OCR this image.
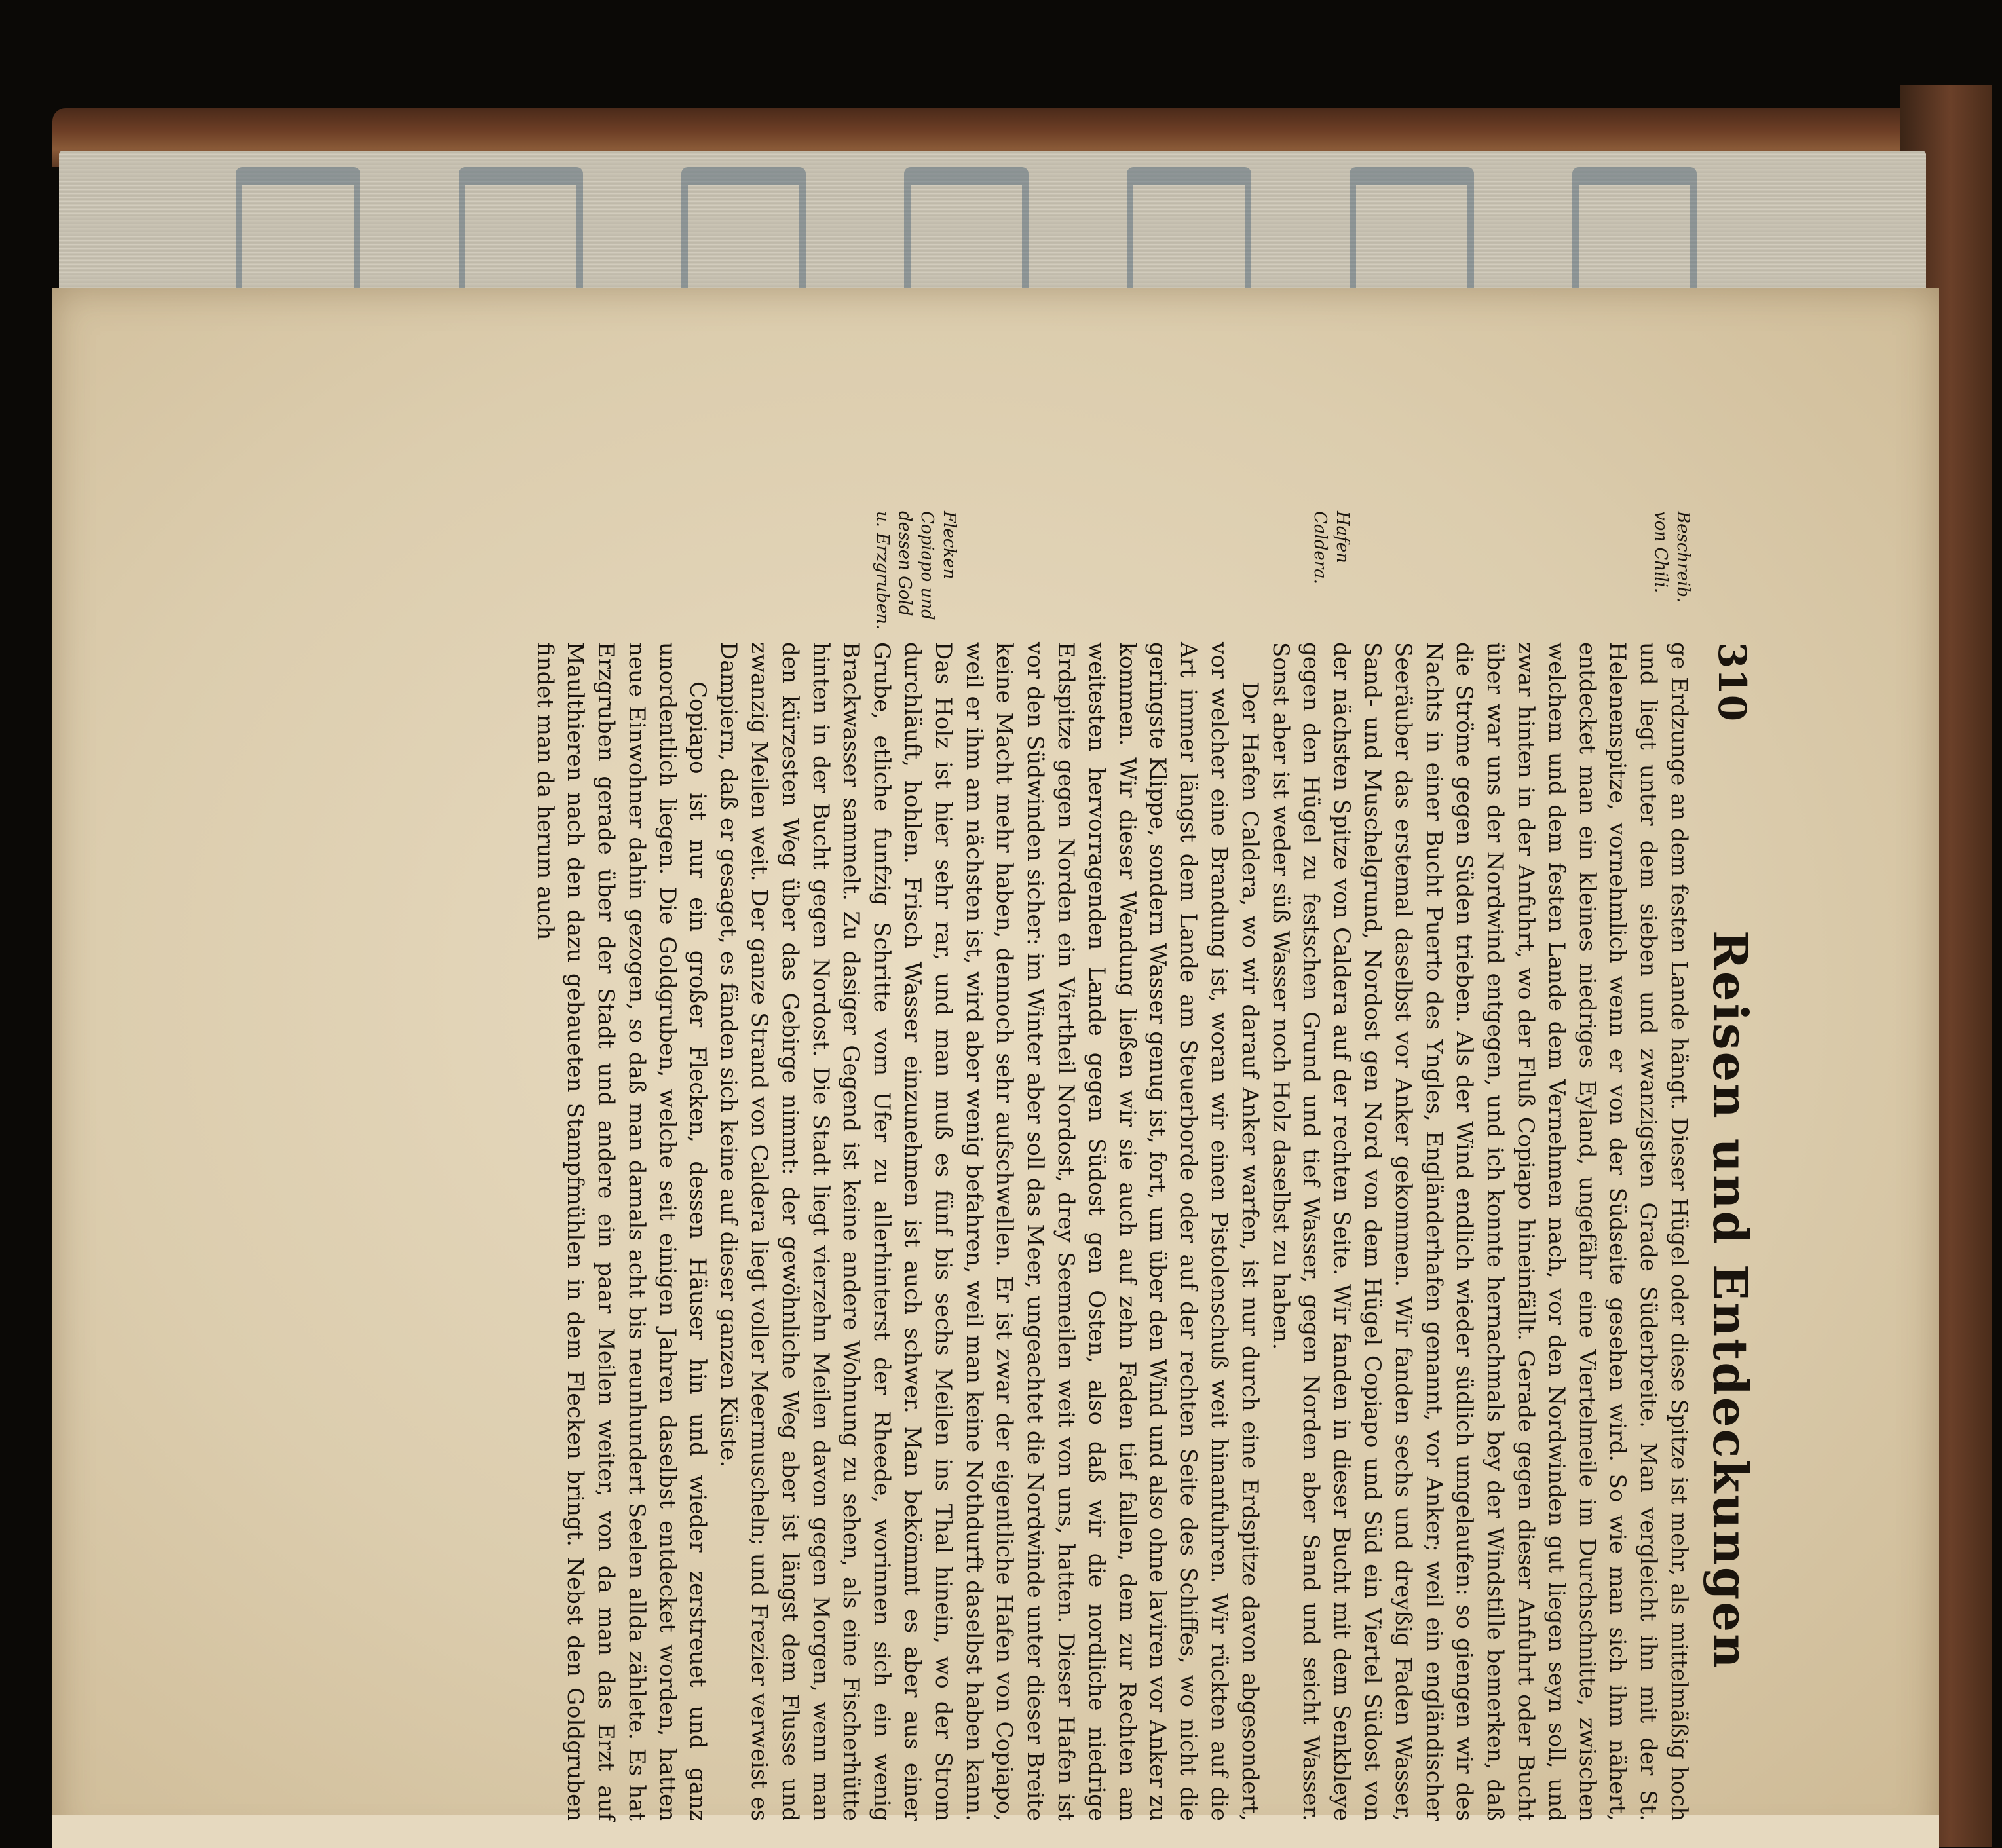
310
Reisen und Entdeckungen
Beschreib. von Chili.
Hafen Caldera.
Flecken Copiapo und dessen Gold u. Erzgruben.

ge Erdzunge an dem festen Lande hängt. Dieser Hügel oder diese Spitze ist mehr, als mittelmäßig hoch und liegt unter dem sieben und zwanzigsten Grade Süderbreite. Man vergleicht ihn mit der St. Helenenspitze, vornehmlich wenn er von der Südseite gesehen wird. So wie man sich ihm nähert, entdecket man ein kleines niedriges Eyland, ungefähr eine Viertelmeile im Durchschnitte, zwischen welchem und dem festen Lande dem Vernehmen nach, vor den Nordwinden gut liegen seyn soll, und zwar hinten in der Anfuhrt, wo der Fluß Copiapo hineinfällt. Gerade gegen dieser Anfuhrt oder Bucht über war uns der Nordwind entgegen, und ich konnte hernachmals bey der Windstille bemerken, daß die Ströme gegen Süden trieben. Als der Wind endlich wieder südlich umgelaufen: so giengen wir des Nachts in einer Bucht Puerto des Yngles, Engländerhafen genannt, vor Anker; weil ein engländischer Seeräuber das erstemal daselbst vor Anker gekommen. Wir fanden sechs und dreyßig Faden Wasser, Sand- und Muschelgrund, Nordost gen Nord von dem Hügel Copiapo und Süd ein Viertel Südost von der nächsten Spitze von Caldera auf der rechten Seite. Wir fanden in dieser Bucht mit dem Senkbleye gegen den Hügel zu festschen Grund und tief Wasser, gegen Norden aber Sand und seicht Wasser. Sonst aber ist weder süß Wasser noch Holz daselbst zu haben.

Der Hafen Caldera, wo wir darauf Anker warfen, ist nur durch eine Erdspitze davon abgesondert, vor welcher eine Brandung ist, woran wir einen Pistolenschuß weit hinanfuhren. Wir rückten auf die Art immer längst dem Lande am Steuerborde oder auf der rechten Seite des Schiffes, wo nicht die geringste Klippe, sondern Wasser genug ist, fort, um über den Wind und also ohne laviren vor Anker zu kommen. Wir dieser Wendung ließen wir sie auch auf zehn Faden tief fallen, dem zur Rechten am weitesten hervorragenden Lande gegen Südost gen Osten, also daß wir die nordliche niedrige Erdspitze gegen Norden ein Viertheil Nordost, drey Seemeilen weit von uns, hatten. Dieser Hafen ist vor den Südwinden sicher: im Winter aber soll das Meer, ungeachtet die Nordwinde unter dieser Breite keine Macht mehr haben, dennoch sehr aufschwellen. Er ist zwar der eigentliche Hafen von Copiapo, weil er ihm am nächsten ist, wird aber wenig befahren, weil man keine Nothdurft daselbst haben kann. Das Holz ist hier sehr rar, und man muß es fünf bis sechs Meilen ins Thal hinein, wo der Strom durchläuft, hohlen. Frisch Wasser einzunehmen ist auch schwer. Man bekömmt es aber aus einer Grube, etliche funfzig Schritte vom Ufer zu allerhinterst der Rheede, worinnen sich ein wenig Brackwasser sammelt. Zu dasiger Gegend ist keine andere Wohnung zu sehen, als eine Fischerhütte hinten in der Bucht gegen Nordost. Die Stadt liegt vierzehn Meilen davon gegen Morgen, wenn man den kürzesten Weg über das Gebirge nimmt: der gewöhnliche Weg aber ist längst dem Flusse und zwanzig Meilen weit. Der ganze Strand von Caldera liegt voller Meermuscheln; und Frezier verweist es Dampiern, daß er gesaget, es fänden sich keine auf dieser ganzen Küste.

Copiapo ist nur ein großer Flecken, dessen Häuser hin und wieder zerstreuet und ganz unordentlich liegen. Die Goldgruben, welche seit einigen Jahren daselbst entdecket worden, hatten neue Einwohner dahin gezogen, so daß man damals acht bis neunhundert Seelen allda zählete. Es hat Erzgruben gerade über der Stadt und andere ein paar Meilen weiter, von da man das Erzt auf Maulthieren nach den dazu gebaueten Stampfmühlen in dem Flecken bringt. Nebst den Goldgruben findet man da herum auch
